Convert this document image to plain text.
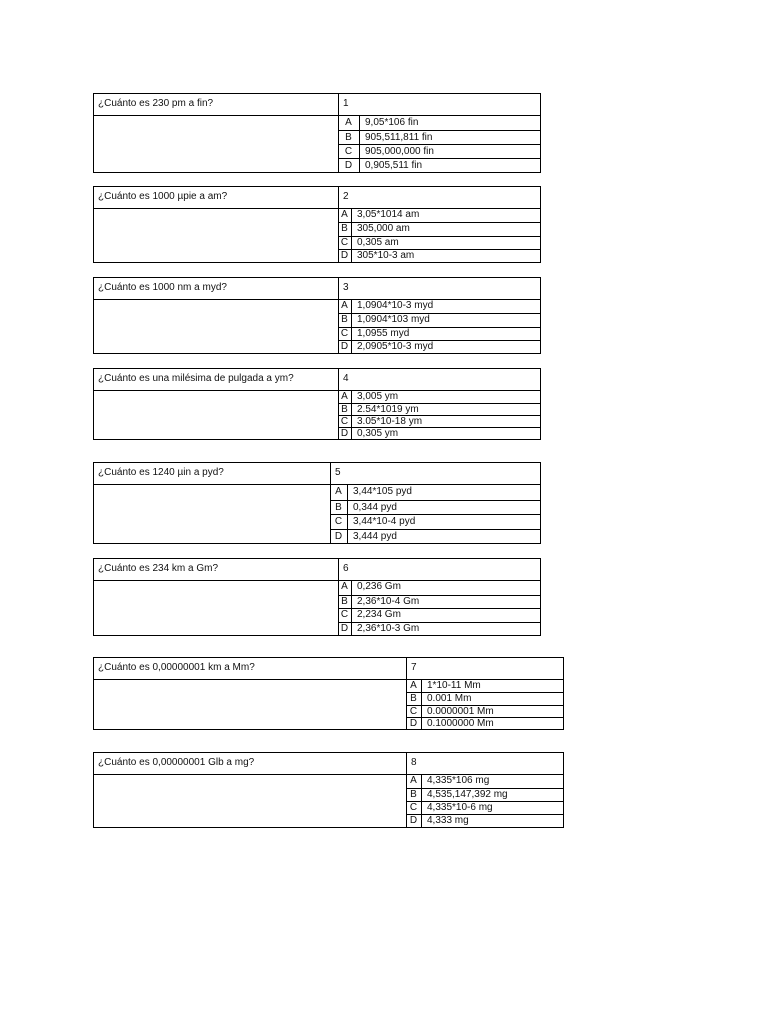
¿Cuánto es 230 pm a fin?	1
A	9,05*106 fin
B	905,511,811 fin
C	905,000,000 fin
D	0,905,511 fin
¿Cuánto es 1000 µpie a am?	2
A 3,05*1014 am
B 305,000 am
C 0,305 am
D 305*10-3 am
¿Cuánto es 1000 nm a myd?	3
A 1,0904*10-3 myd
B 1,0904*103 myd
C 1,0955 myd
D 2,0905*10-3 myd
¿Cuánto es una milésima de pulgada a ym?	4
A 3,005 ym
B 2.54*1019 ym
C 3.05*10-18 ym
D 0,305 ym
¿Cuánto es 1240 µin a pyd?	5
A	3,44*105 pyd
B	0,344 pyd
C	3,44*10-4 pyd
D	3,444 pyd
¿Cuánto es 234 km a Gm?	6
A 0,236 Gm
B 2,36*10-4 Gm
C 2,234 Gm
D 2,36*10-3 Gm
¿Cuánto es 0,00000001 km a Mm?	7
A	1*10-11 Mm
B	0.001 Mm
C 0.0000001 Mm
D 0.1000000 Mm
¿Cuánto es 0,00000001 Glb a mg?	8
A	4,335*106 mg
B	4,535,147,392 mg
C 4,335*10-6 mg
D 4,333 mg
